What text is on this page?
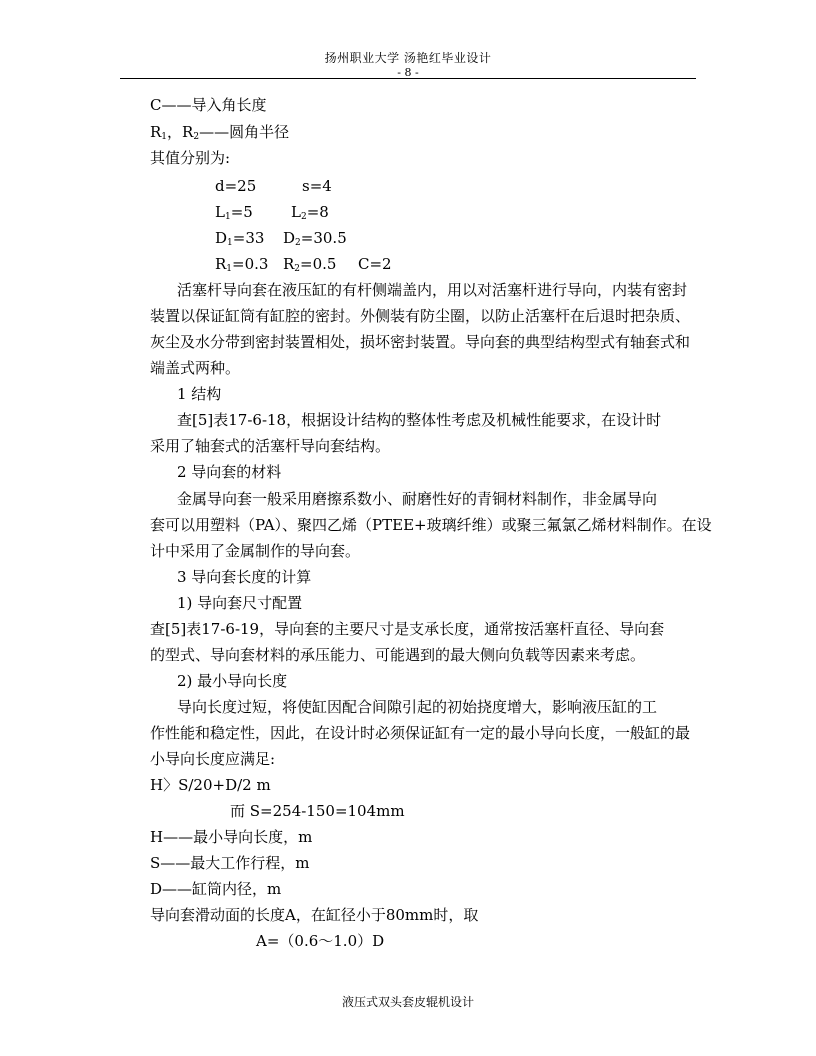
扬州职业大学 汤艳红毕业设计
- 8 -
C——导入角长度
$R_1$，$R_2——$圆角半径
其值分别为:
d=25	s=4
$L_1=5$	$L_2=8$
$D_1=33$ $D_2=30.5$
$R_1=0.3$ $R_2=0.5$ C=2
活塞杆导向套在液压缸的有杆侧端盖内，用以对活塞杆进行导向，内装有密封
装置以保证缸筒有缸腔的密封。外侧装有防尘圈，以防止活塞杆在后退时把杂质、
灰尘及水分带到密封装置相处，损坏密封装置。导向套的典型结构型式有轴套式和
端盖式两种。
1 结构
查[5]表17-6-18，根据设计结构的整体性考虑及机械性能要求，在设计时
采用了轴套式的活塞杆导向套结构。
2 导向套的材料
金属导向套一般采用磨擦系数小、耐磨性好的青铜材料制作，非金属导向
套可以用塑料（PA）、聚四乙烯（PTEE+玻璃纤维）或聚三氟氯乙烯材料制作。在设
计中采用了金属制作的导向套。
3 导向套长度的计算
1) 导向套尺寸配置
查[5]表17-6-19，导向套的主要尺寸是支承长度，通常按活塞杆直径、导向套
的型式、导向套材料的承压能力、可能遇到的最大侧向负载等因素来考虑。
2) 最小导向长度
导向长度过短，将使缸因配合间隙引起的初始挠度增大，影响液压缸的工
作性能和稳定性，因此，在设计时必须保证缸有一定的最小导向长度，一般缸的最
小导向长度应满足:
H〉S/20+D/2 m
而 S=254-150=104mm
H——最小导向长度，m
S——最大工作行程，m
D——缸筒内径，m
导向套滑动面的长度A，在缸径小于80mm时，取
A=（0.6～1.0）D
液压式双头套皮辊机设计
